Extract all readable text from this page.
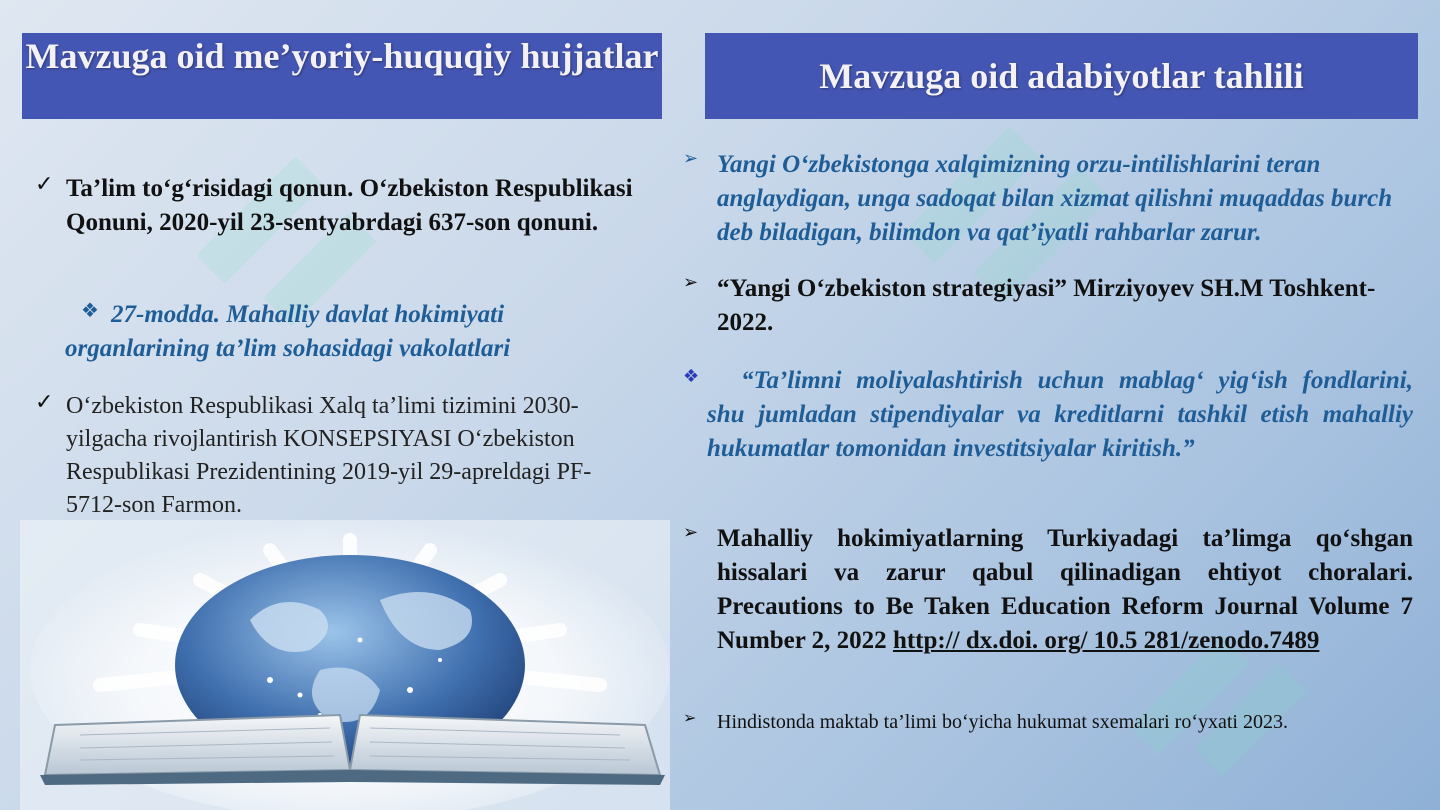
Mavzuga oid me’yoriy-huquqiy hujjatlar	Mavzuga oid adabiyotlar tahlili
✓ Ta’lim to‘g‘risidagi qonun. O‘zbekiston Respublikasi Qonuni, 2020-yil 23-sentyabrdagi 637-son qonuni.
❖ 27-modda. Mahalliy davlat hokimiyati organlarining ta’lim sohasidagi vakolatlari
✓ O‘zbekiston Respublikasi Xalq ta’limi tizimini 2030-yilgacha rivojlantirish KONSEPSIYASI O‘zbekiston Respublikasi Prezidentining 2019-yil 29-apreldagi PF-5712-son Farmon.
➢ Yangi O‘zbekistonga xalqimizning orzu-intilishlarini teran anglaydigan, unga sadoqat bilan xizmat qilishni muqaddas burch deb biladigan, bilimdon va qat’iyatli rahbarlar zarur.
➢ “Yangi O‘zbekiston strategiyasi” Mirziyoyev SH.M Toshkent-2022.
❖	“Ta’limni moliyalashtirish uchun mablag‘ yig‘ish fondlarini, shu jumladan stipendiyalar va kreditlarni tashkil etish mahalliy hukumatlar tomonidan investitsiyalar kiritish.”
➢ Mahalliy hokimiyatlarning Turkiyadagi ta’limga qo‘shgan hissalari va zarur qabul qilinadigan ehtiyot choralari. Precautions to Be Taken Education Reform Journal Volume 7 Number 2, 2022 http:// dx.doi. org/ 10.5 281/zenodo.7489
➢ Hindistonda maktab ta’limi bo‘yicha hukumat sxemalari ro‘yxati 2023.
